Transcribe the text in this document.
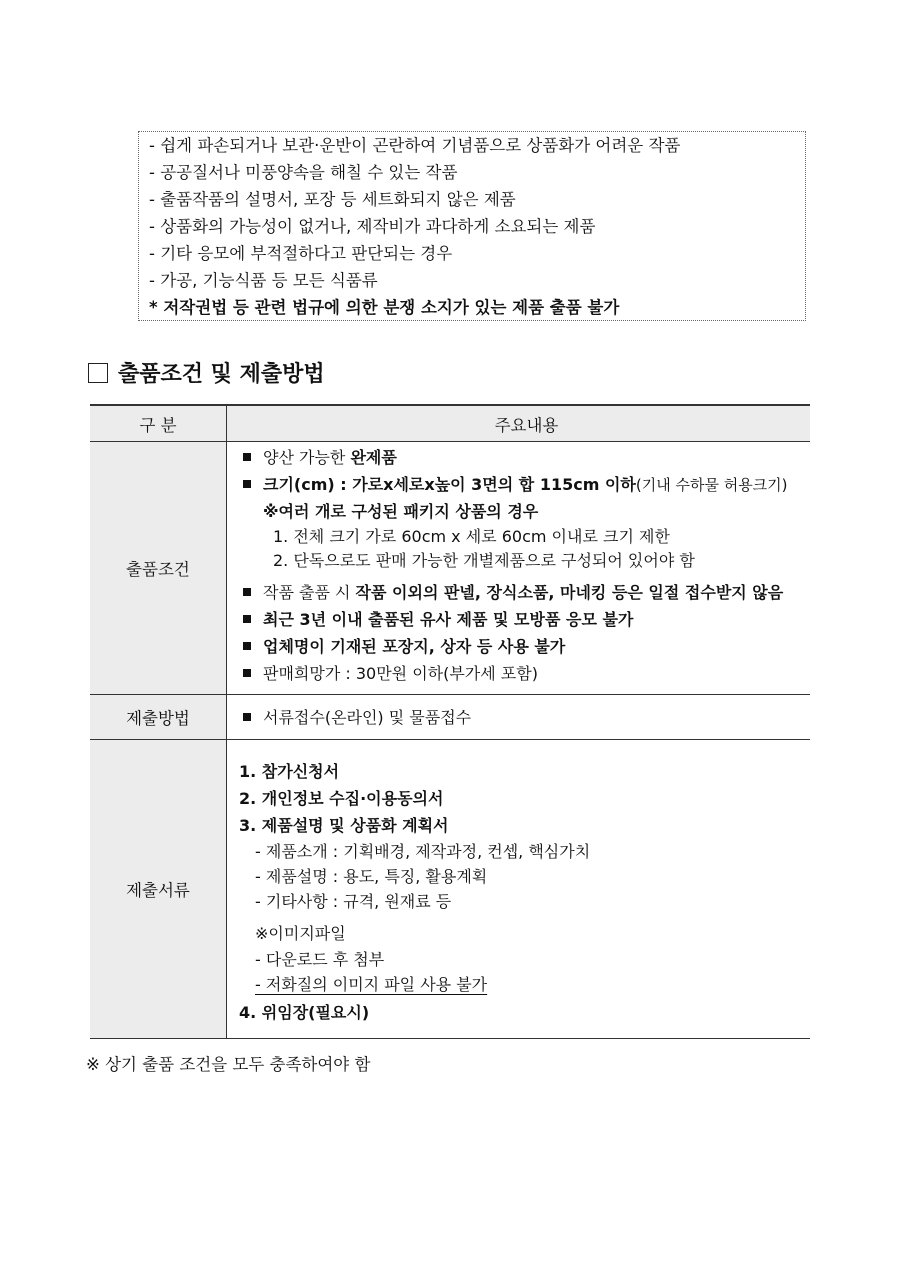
- 쉽게 파손되거나 보관·운반이 곤란하여 기념품으로 상품화가 어려운 작품
- 공공질서나 미풍양속을 해칠 수 있는 작품
- 출품작품의 설명서, 포장 등 세트화되지 않은 제품
- 상품화의 가능성이 없거나, 제작비가 과다하게 소요되는 제품
- 기타 응모에 부적절하다고 판단되는 경우
- 가공, 기능식품 등 모든 식품류
* 저작권법 등 관련 법규에 의한 분쟁 소지가 있는 제품 출품 불가
출품조건 및 제출방법
구 분	주요내용
출품조건
양산 가능한 완제품
크기(cm) : 가로x세로x높이 3면의 합 115cm 이하(기내 수하물 허용크기)
※여러 개로 구성된 패키지 상품의 경우
1. 전체 크기 가로 60cm x 세로 60cm 이내로 크기 제한
2. 단독으로도 판매 가능한 개별제품으로 구성되어 있어야 함
작품 출품 시 작품 이외의 판넬, 장식소품, 마네킹 등은 일절 접수받지 않음
최근 3년 이내 출품된 유사 제품 및 모방품 응모 불가
업체명이 기재된 포장지, 상자 등 사용 불가
판매희망가 : 30만원 이하(부가세 포함)
제출방법	서류접수(온라인) 및 물품접수
제출서류
1. 참가신청서
2. 개인정보 수집·이용동의서
3. 제품설명 및 상품화 계획서
- 제품소개 : 기획배경, 제작과정, 컨셉, 핵심가치
- 제품설명 : 용도, 특징, 활용계획
- 기타사항 : 규격, 원재료 등
※이미지파일
- 다운로드 후 첨부
- 저화질의 이미지 파일 사용 불가
4. 위임장(필요시)
※ 상기 출품 조건을 모두 충족하여야 함
